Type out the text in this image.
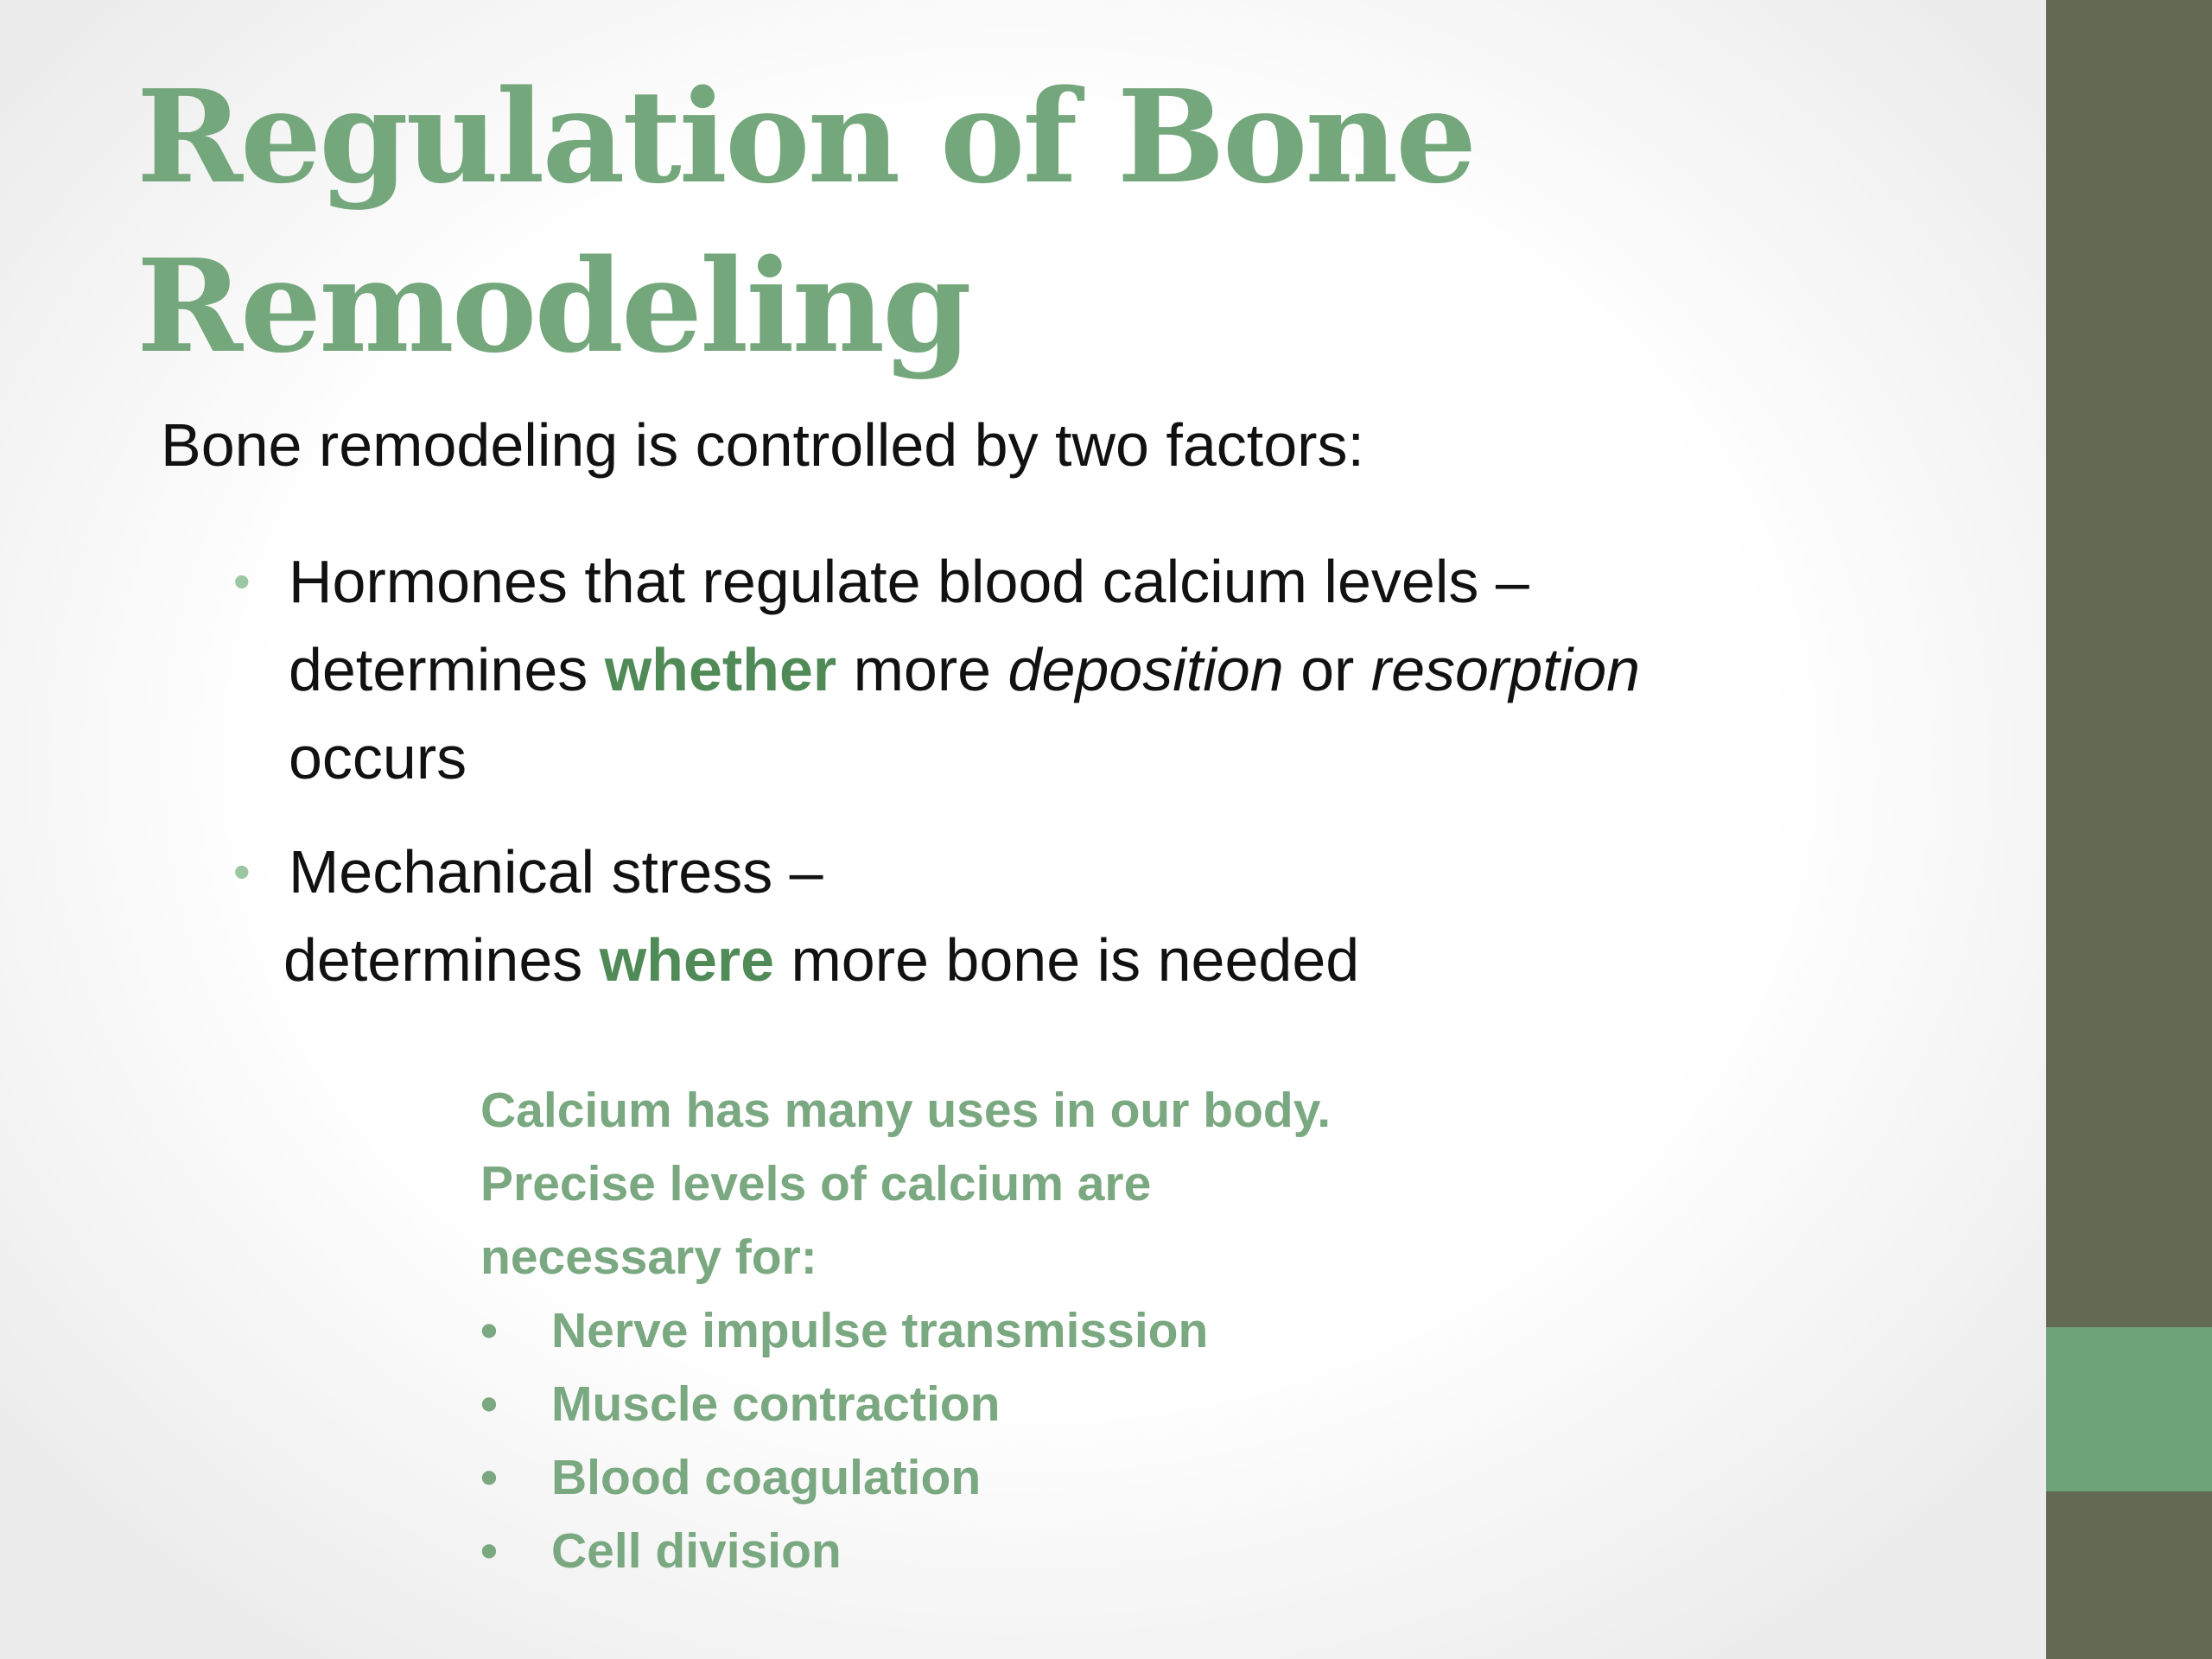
Regulation of Bone
Remodeling

Bone remodeling is controlled by two factors:

• Hormones that regulate blood calcium levels –
determines whether more deposition or resorption
occurs
• Mechanical stress –
determines where more bone is needed
Calcium has many uses in our body.
Precise levels of calcium are
necessary for:
• Nerve impulse transmission
• Muscle contraction
• Blood coagulation
• Cell division
